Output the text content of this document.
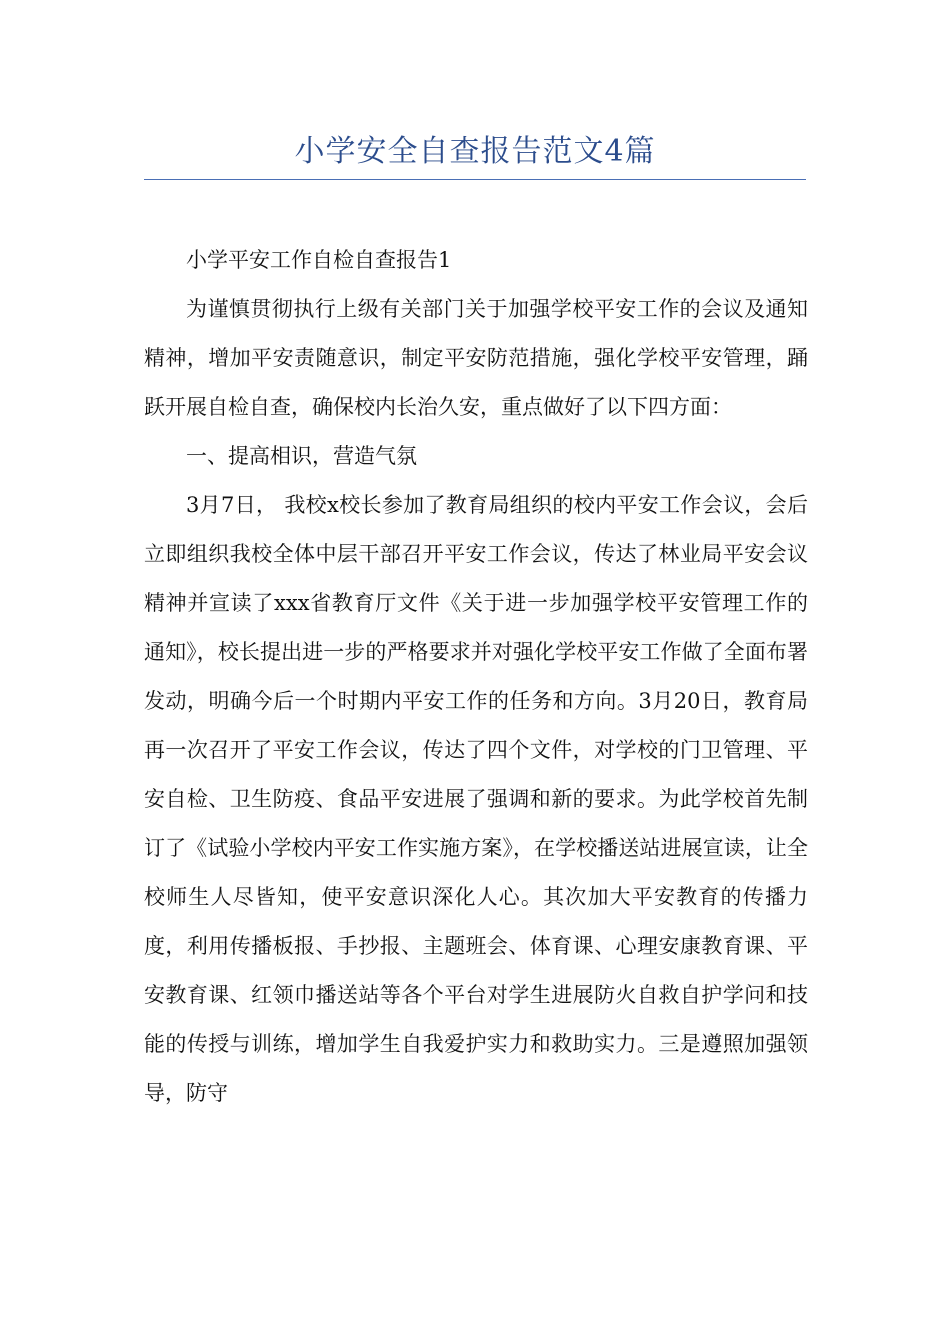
小学安全自查报告范文4篇

小学平安工作自检自查报告1

为谨慎贯彻执行上级有关部门关于加强学校平安工作的会议及通知精神，增加平安责随意识，制定平安防范措施，强化学校平安管理，踊跃开展自检自查，确保校内长治久安，重点做好了以下四方面：

一、提高相识，营造气氛

3月7日， 我校x校长参加了教育局组织的校内平安工作会议，会后立即组织我校全体中层干部召开平安工作会议，传达了林业局平安会议精神并宣读了xxx省教育厅文件《关于进一步加强学校平安管理工作的通知》，校长提出进一步的严格要求并对强化学校平安工作做了全面布署发动，明确今后一个时期内平安工作的任务和方向。3月20日，教育局再一次召开了平安工作会议，传达了四个文件，对学校的门卫管理、平安自检、卫生防疫、食品平安进展了强调和新的要求。为此学校首先制订了《试验小学校内平安工作实施方案》，在学校播送站进展宣读，让全校师生人尽皆知，使平安意识深化人心。其次加大平安教育的传播力度，利用传播板报、手抄报、主题班会、体育课、心理安康教育课、平安教育课、红领巾播送站等各个平台对学生进展防火自救自护学问和技能的传授与训练，增加学生自我爱护实力和救助实力。三是遵照加强领导，防守
